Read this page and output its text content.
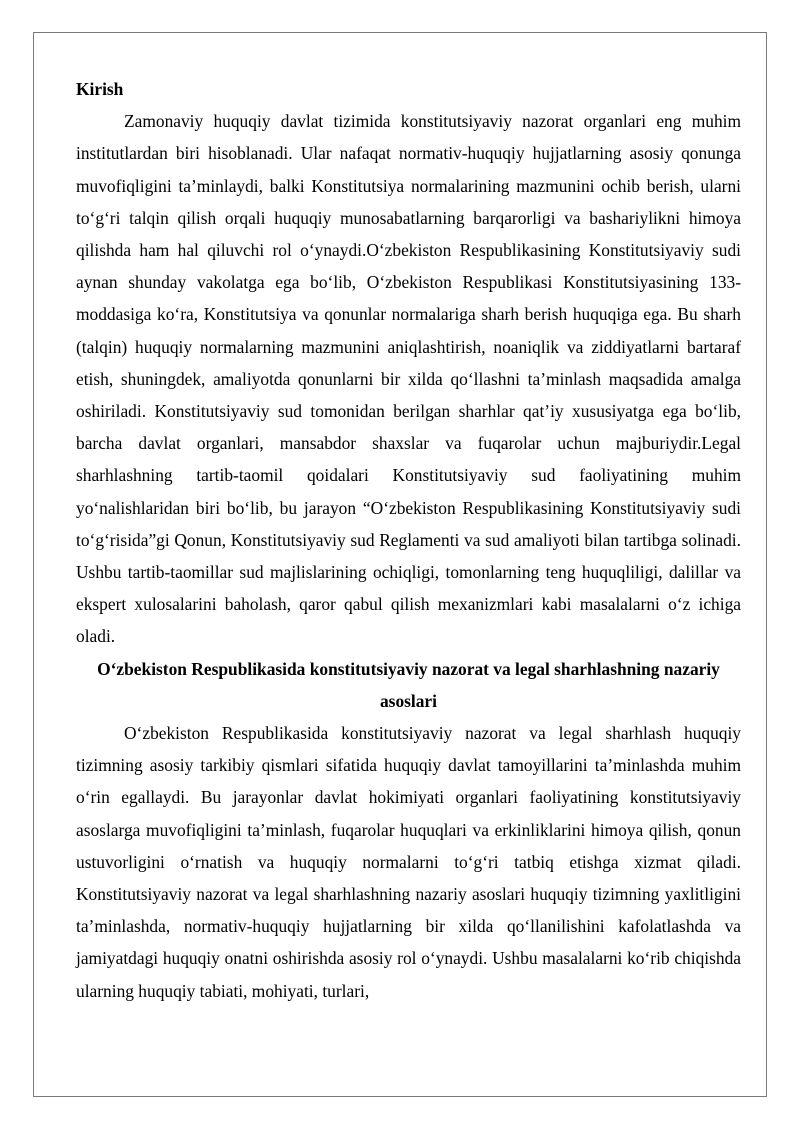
Kirish

Zamonaviy huquqiy davlat tizimida konstitutsiyaviy nazorat organlari eng muhim institutlardan biri hisoblanadi. Ular nafaqat normativ-huquqiy hujjatlarning asosiy qonunga muvofiqligini ta’minlaydi, balki Konstitutsiya normalarining mazmunini ochib berish, ularni to‘g‘ri talqin qilish orqali huquqiy munosabatlarning barqarorligi va bashariylikni himoya qilishda ham hal qiluvchi rol o‘ynaydi.O‘zbekiston Respublikasining Konstitutsiyaviy sudi aynan shunday vakolatga ega bo‘lib, O‘zbekiston Respublikasi Konstitutsiyasining 133-moddasiga ko‘ra, Konstitutsiya va qonunlar normalariga sharh berish huquqiga ega. Bu sharh (talqin) huquqiy normalarning mazmunini aniqlashtirish, noaniqlik va ziddiyatlarni bartaraf etish, shuningdek, amaliyotda qonunlarni bir xilda qo‘llashni ta’minlash maqsadida amalga oshiriladi. Konstitutsiyaviy sud tomonidan berilgan sharhlar qat’iy xususiyatga ega bo‘lib, barcha davlat organlari, mansabdor shaxslar va fuqarolar uchun majburiydir.Legal sharhlashning tartib-taomil qoidalari Konstitutsiyaviy sud faoliyatining muhim yo‘nalishlaridan biri bo‘lib, bu jarayon “O‘zbekiston Respublikasining Konstitutsiyaviy sudi to‘g‘risida”gi Qonun, Konstitutsiyaviy sud Reglamenti va sud amaliyoti bilan tartibga solinadi. Ushbu tartib-taomillar sud majlislarining ochiqligi, tomonlarning teng huquqliligi, dalillar va ekspert xulosalarini baholash, qaror qabul qilish mexanizmlari kabi masalalarni o‘z ichiga oladi.

O‘zbekiston Respublikasida konstitutsiyaviy nazorat va legal sharhlashning nazariy asoslari

O‘zbekiston Respublikasida konstitutsiyaviy nazorat va legal sharhlash huquqiy tizimning asosiy tarkibiy qismlari sifatida huquqiy davlat tamoyillarini ta’minlashda muhim o‘rin egallaydi. Bu jarayonlar davlat hokimiyati organlari faoliyatining konstitutsiyaviy asoslarga muvofiqligini ta’minlash, fuqarolar huquqlari va erkinliklarini himoya qilish, qonun ustuvorligini o‘rnatish va huquqiy normalarni to‘g‘ri tatbiq etishga xizmat qiladi. Konstitutsiyaviy nazorat va legal sharhlashning nazariy asoslari huquqiy tizimning yaxlitligini ta’minlashda, normativ-huquqiy hujjatlarning bir xilda qo‘llanilishini kafolatlashda va jamiyatdagi huquqiy onatni oshirishda asosiy rol o‘ynaydi. Ushbu masalalarni ko‘rib chiqishda ularning huquqiy tabiati, mohiyati, turlari,
